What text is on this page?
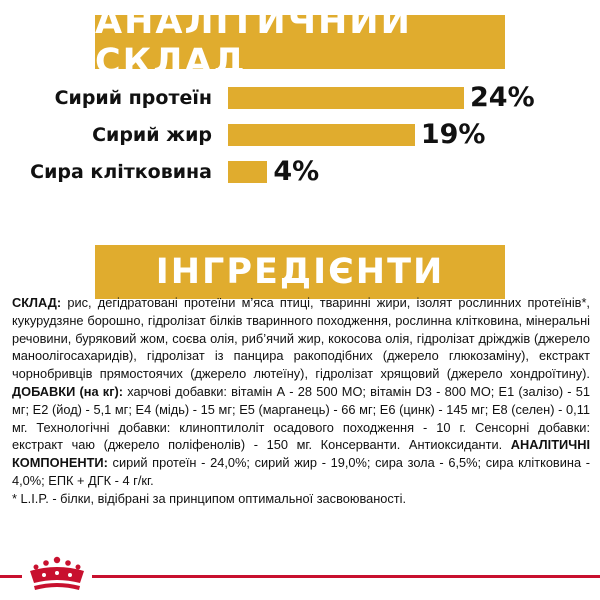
АНАЛІТИЧНИЙ СКЛАД
Сирий протеїн	24%
Сирий жир	19%
Сира клітковина 4%
ІНГРЕДІЄНТИ
СКЛАД: рис, дегідратовані протеїни м’яса птиці, тваринні жири, ізолят рослинних протеїнів*, кукурудзяне борошно, гідролізат білків тваринного походження, рослинна клітковина, мінеральні речовини, буряковий жом, соєва олія, риб’ячий жир, кокосова олія, гідролізат дріжджів (джерело маноолігосахаридів), гідролізат із панцира ракоподібних (джерело глюкозаміну), екстракт чорнобривців прямостоячих (джерело лютеїну), гідролізат хрящовий (джерело хондроїтину). ДОБАВКИ (на кг): харчові добавки: вітамін А - 28 500 МО; вітамін D3 - 800 МО; Е1 (залізо) - 51 мг; Е2 (йод) - 5,1 мг; Е4 (мідь) - 15 мг; Е5 (марганець) - 66 мг; Е6 (цинк) - 145 мг; Е8 (селен) - 0,11 мг. Технологічні добавки: клинoптилоліт осадового походження - 10 г. Сенсорні добавки: екстракт чаю (джерело поліфенолів) - 150 мг. Консерванти. Антиоксиданти. АНАЛІТИЧНІ КОМПОНЕНТИ: сирий протеїн - 24,0%; сирий жир - 19,0%; сира зола - 6,5%; сира клітковина - 4,0%; ЕПК + ДГК - 4 г/кг.
* L.I.P. - білки, відібрані за принципом оптимальної засвоюваності.
